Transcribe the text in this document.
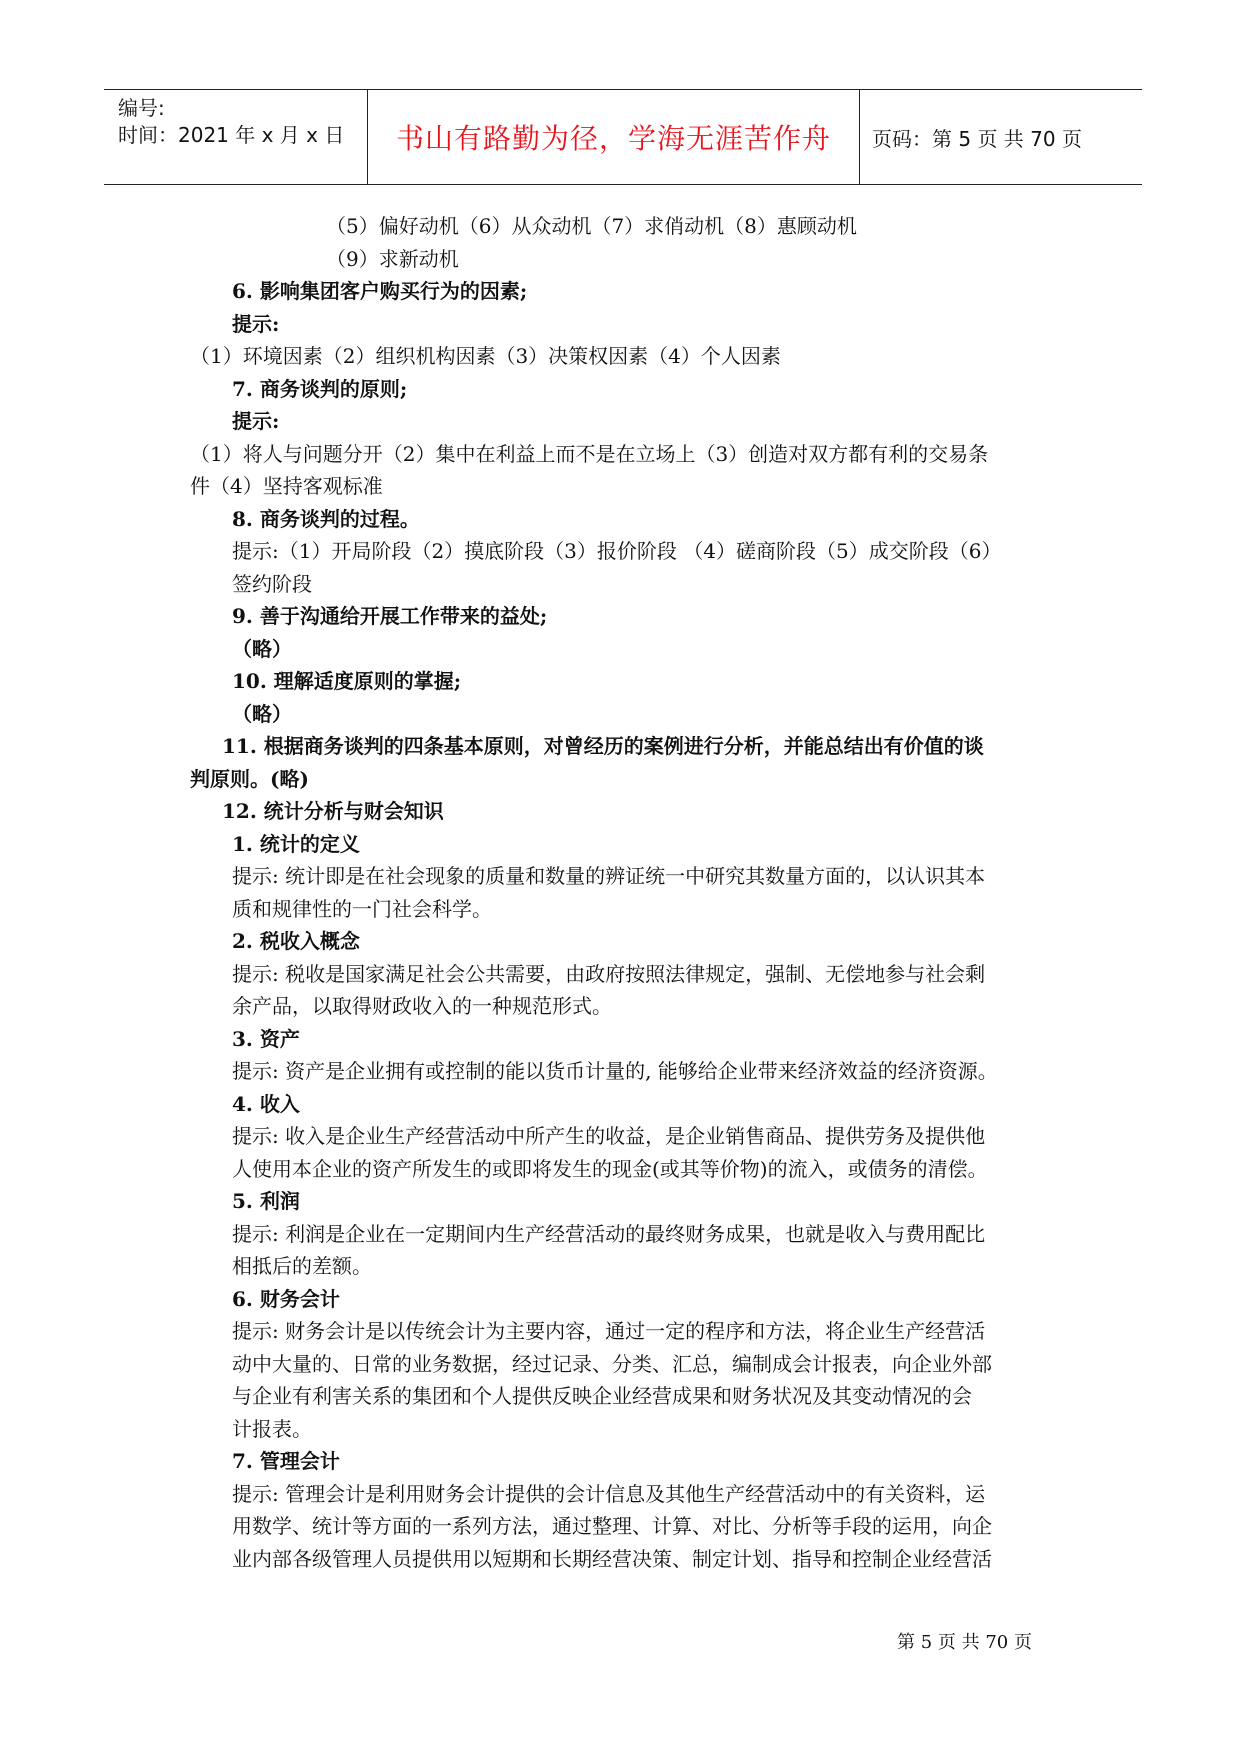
编号:
时间：2021 年 x 月 x 日	书山有路勤为径，学海无涯苦作舟	页码：第 5 页 共 70 页
（5）偏好动机（6）从众动机（7）求俏动机（8）惠顾动机
（9）求新动机
6. 影响集团客户购买行为的因素;
提示:
（1）环境因素（2）组织机构因素（3）决策权因素（4）个人因素
7. 商务谈判的原则;
提示:
（1）将人与问题分开（2）集中在利益上而不是在立场上（3）创造对双方都有利的交易条
件（4）坚持客观标准
8. 商务谈判的过程。
提示:（1）开局阶段（2）摸底阶段（3）报价阶段 （4）磋商阶段（5）成交阶段（6）
签约阶段
9. 善于沟通给开展工作带来的益处;
（略）
10. 理解适度原则的掌握;
（略）
11. 根据商务谈判的四条基本原则，对曾经历的案例进行分析，并能总结出有价值的谈
判原则。(略)
12. 统计分析与财会知识
1. 统计的定义
提示: 统计即是在社会现象的质量和数量的辨证统一中研究其数量方面的，以认识其本
质和规律性的一门社会科学。
2. 税收入概念
提示: 税收是国家满足社会公共需要，由政府按照法律规定，强制、无偿地参与社会剩
余产品，以取得财政收入的一种规范形式。
3. 资产
提示: 资产是企业拥有或控制的能以货币计量的, 能够给企业带来经济效益的经济资源。
4. 收入
提示: 收入是企业生产经营活动中所产生的收益，是企业销售商品、提供劳务及提供他
人使用本企业的资产所发生的或即将发生的现金(或其等价物)的流入，或债务的清偿。
5. 利润
提示: 利润是企业在一定期间内生产经营活动的最终财务成果，也就是收入与费用配比
相抵后的差额。
6. 财务会计
提示: 财务会计是以传统会计为主要内容，通过一定的程序和方法，将企业生产经营活
动中大量的、日常的业务数据，经过记录、分类、汇总，编制成会计报表，向企业外部
与企业有利害关系的集团和个人提供反映企业经营成果和财务状况及其变动情况的会
计报表。
7. 管理会计
提示: 管理会计是利用财务会计提供的会计信息及其他生产经营活动中的有关资料，运
用数学、统计等方面的一系列方法，通过整理、计算、对比、分析等手段的运用，向企
业内部各级管理人员提供用以短期和长期经营决策、制定计划、指导和控制企业经营活
第 5 页 共 70 页
